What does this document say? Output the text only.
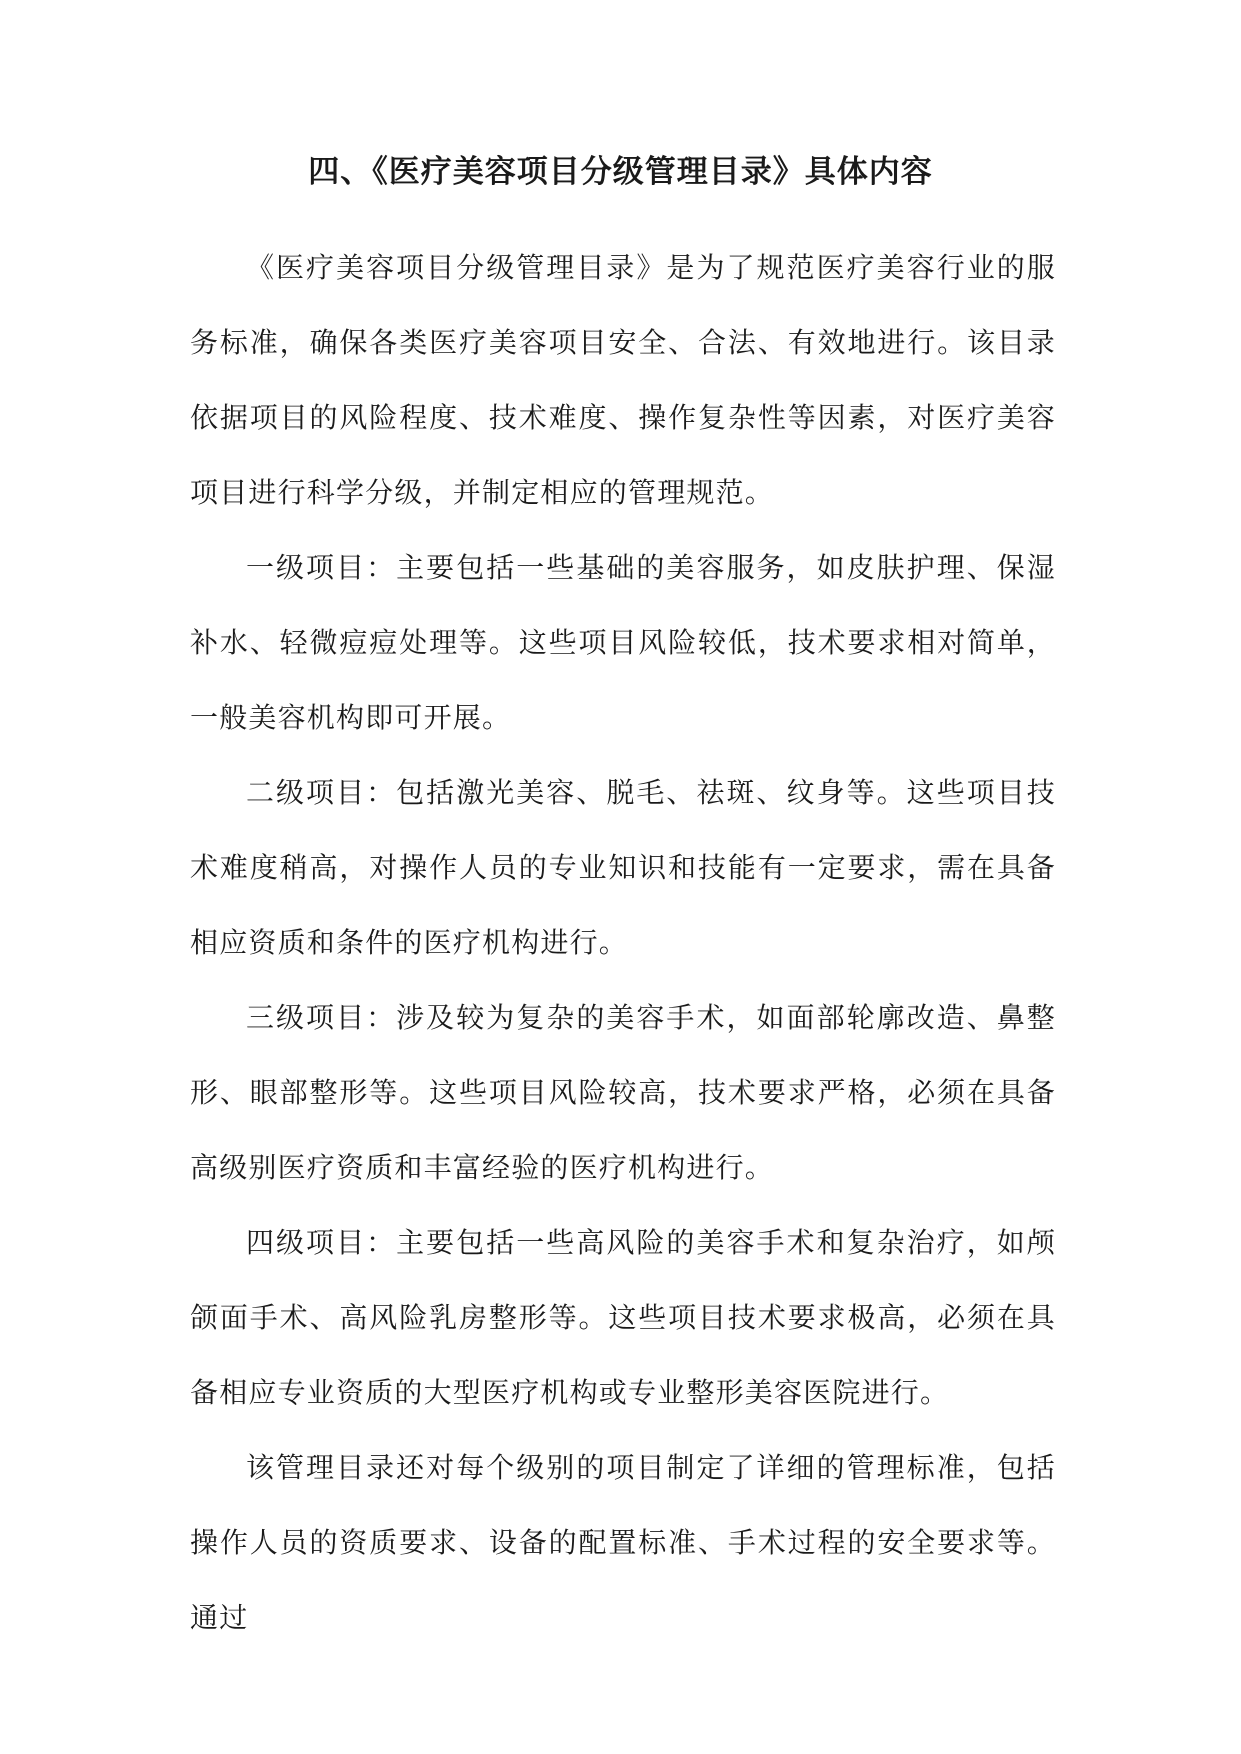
四、《医疗美容项目分级管理目录》具体内容

《医疗美容项目分级管理目录》是为了规范医疗美容行业的服务标准，确保各类医疗美容项目安全、合法、有效地进行。该目录依据项目的风险程度、技术难度、操作复杂性等因素，对医疗美容项目进行科学分级，并制定相应的管理规范。

一级项目：主要包括一些基础的美容服务，如皮肤护理、保湿补水、轻微痘痘处理等。这些项目风险较低，技术要求相对简单，一般美容机构即可开展。

二级项目：包括激光美容、脱毛、祛斑、纹身等。这些项目技术难度稍高，对操作人员的专业知识和技能有一定要求，需在具备相应资质和条件的医疗机构进行。

三级项目：涉及较为复杂的美容手术，如面部轮廓改造、鼻整形、眼部整形等。这些项目风险较高，技术要求严格，必须在具备高级别医疗资质和丰富经验的医疗机构进行。

四级项目：主要包括一些高风险的美容手术和复杂治疗，如颅颌面手术、高风险乳房整形等。这些项目技术要求极高，必须在具备相应专业资质的大型医疗机构或专业整形美容医院进行。

该管理目录还对每个级别的项目制定了详细的管理标准，包括操作人员的资质要求、设备的配置标准、手术过程的安全要求等。通过
